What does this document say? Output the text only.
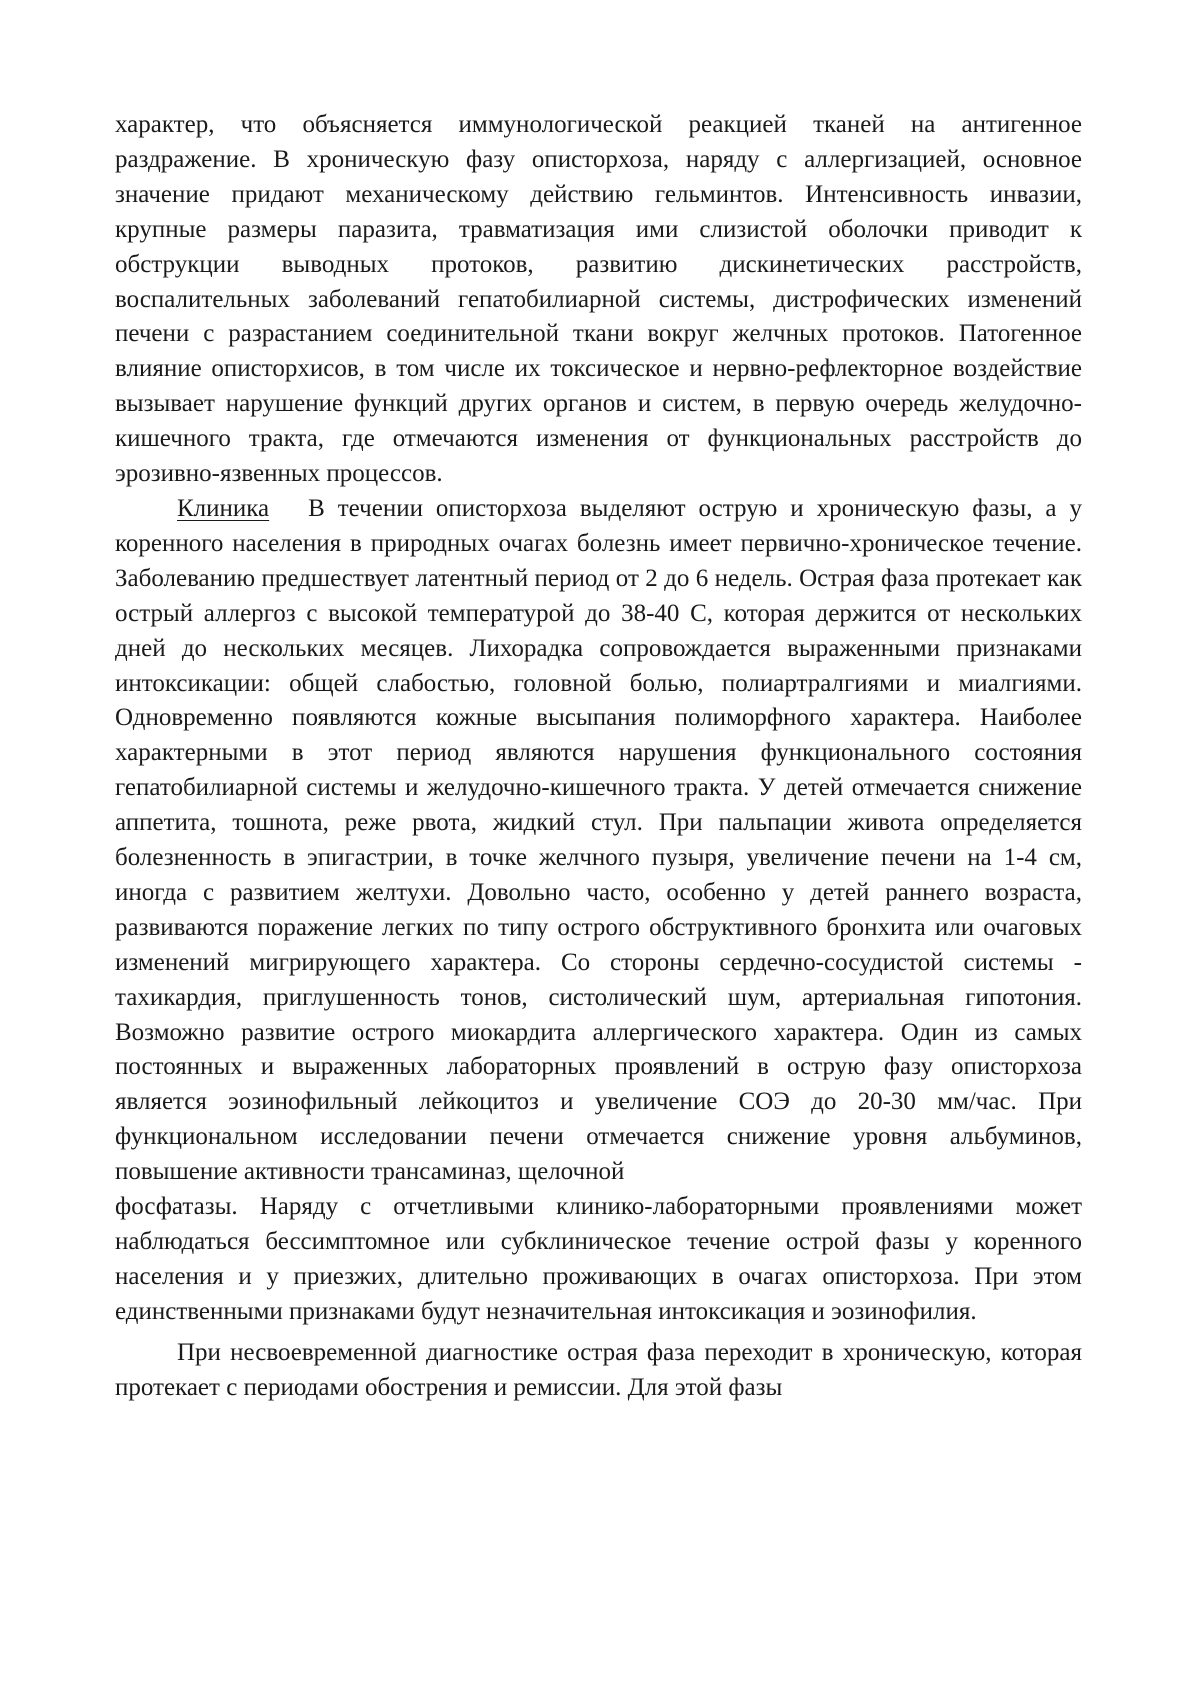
характер, что объясняется иммунологической реакцией тканей на антигенное раздражение. В хроническую фазу описторхоза, наряду с аллергизацией, основное значение придают механическому действию гельминтов. Интенсивность инвазии, крупные размеры паразита, травматизация ими слизистой оболочки приводит к обструкции выводных протоков, развитию дискинетических расстройств, воспалительных заболеваний гепатобилиарной системы, дистрофических изменений печени с разрастанием соединительной ткани вокруг желчных протоков. Патогенное влияние описторхисов, в том числе их токсическое и нервно-рефлекторное воздействие вызывает нарушение функций других органов и систем, в первую очередь желудочно-кишечного тракта, где отмечаются изменения от функциональных расстройств до эрозивно-язвенных процессов.

Клиника В течении описторхоза выделяют острую и хроническую фазы, а у коренного населения в природных очагах болезнь имеет первично-хроническое течение. Заболеванию предшествует латентный период от 2 до 6 недель. Острая фаза протекает как острый аллергоз с высокой температурой до 38-40 С, которая держится от нескольких дней до нескольких месяцев. Лихорадка сопровождается выраженными признаками интоксикации: общей слабостью, головной болью, полиартралгиями и миалгиями. Одновременно появляются кожные высыпания полиморфного характера. Наиболее характерными в этот период являются нарушения функционального состояния гепатобилиарной системы и желудочно-кишечного тракта. У детей отмечается снижение аппетита, тошнота, реже рвота, жидкий стул. При пальпации живота определяется болезненность в эпигастрии, в точке желчного пузыря, увеличение печени на 1-4 см, иногда с развитием желтухи. Довольно часто, особенно у детей раннего возраста, развиваются поражение легких по типу острого обструктивного бронхита или очаговых изменений мигрирующего характера. Со стороны сердечно-сосудистой системы - тахикардия, приглушенность тонов, систолический шум, артериальная гипотония. Возможно развитие острого миокардита аллергического характера. Один из самых постоянных и выраженных лабораторных проявлений в острую фазу описторхоза является эозинофильный лейкоцитоз и увеличение СОЭ до 20-30 мм/час. При функциональном исследовании печени отмечается снижение уровня альбуминов, повышение активности трансаминаз, щелочной

фосфатазы. Наряду с отчетливыми клинико-лабораторными проявлениями может наблюдаться бессимптомное или субклиническое течение острой фазы у коренного населения и у приезжих, длительно проживающих в очагах описторхоза. При этом единственными признаками будут незначительная интоксикация и эозинофилия.

При несвоевременной диагностике острая фаза переходит в хроническую, которая протекает с периодами обострения и ремиссии. Для этой фазы
